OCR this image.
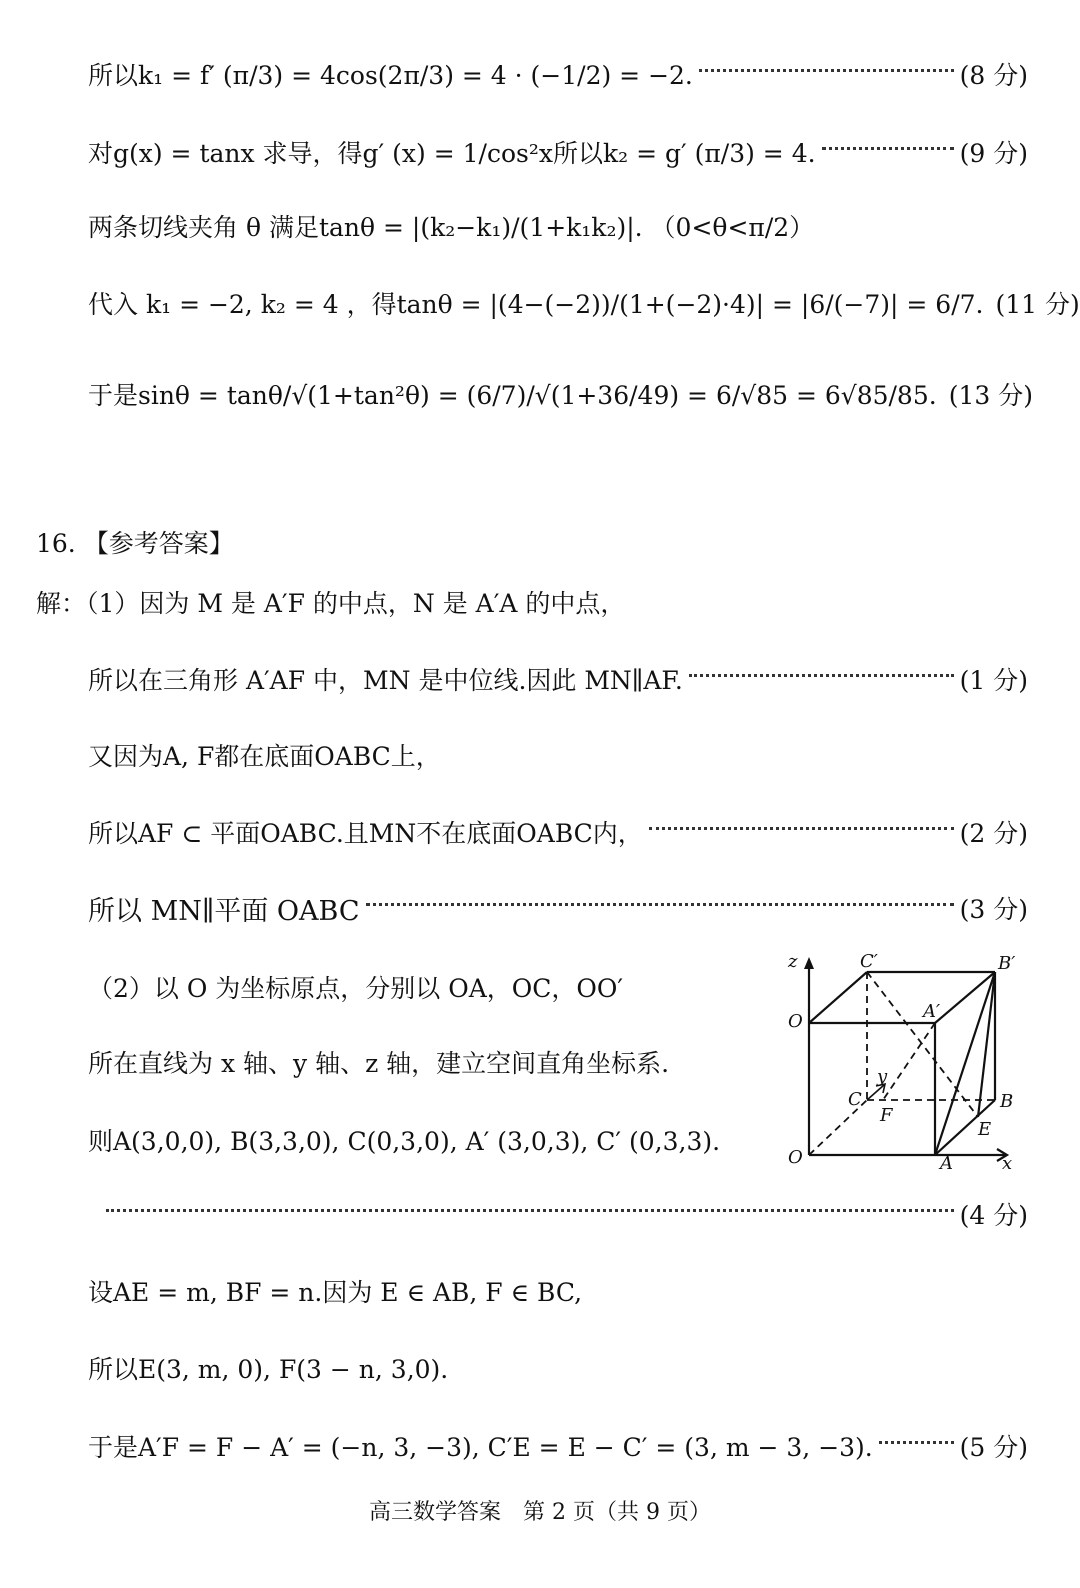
所以k₁ = f′ (π/3) = 4cos(2π/3) = 4 · (−1/2) = −2.	(8 分)
对g(x) = tanx 求导，得g′ (x) = 1/cos²x所以k₂ = g′ (π/3) = 4.	(9 分)
两条切线夹角 θ 满足tanθ = |(k₂−k₁)/(1+k₁k₂)|. （0<θ<π/2）
代入 k₁ = −2, k₂ = 4 ，得tanθ = |(4−(−2))/(1+(−2)·4)| = |6/(−7)| = 6/7. (11 分)
于是sinθ = tanθ/√(1+tan²θ) = (6/7)/√(1+36/49) = 6/√85 = 6√85/85. (13 分)
16. 【参考答案】
解：（1）因为 M 是 A′F 的中点，N 是 A′A 的中点，
所以在三角形 A′AF 中，MN 是中位线.因此 MN∥AF.	(1 分)
又因为A, F都在底面OABC上，
所以AF ⊂ 平面OABC.且MN不在底面OABC内，	(2 分)
所以 MN∥平面 OABC	(3 分)
（2）以 O 为坐标原点，分别以 OA，OC，OO′
所在直线为 x 轴、y 轴、z 轴，建立空间直角坐标系.
则A(3,0,0), B(3,3,0), C(0,3,0), A′ (3,0,3), C′ (0,3,3).
(4 分)
设AE = m, BF = n.因为 E ∈ AB, F ∈ BC,
所以E(3, m, 0), F(3 − n, 3,0).
于是A′F = F − A′ = (−n, 3, −3), C′E = E − C′ = (3, m − 3, −3).	(5 分)
z
O
C′	B′
A′
y
C
F
B
E
O	A	x
高三数学答案　第 2 页（共 9 页）
